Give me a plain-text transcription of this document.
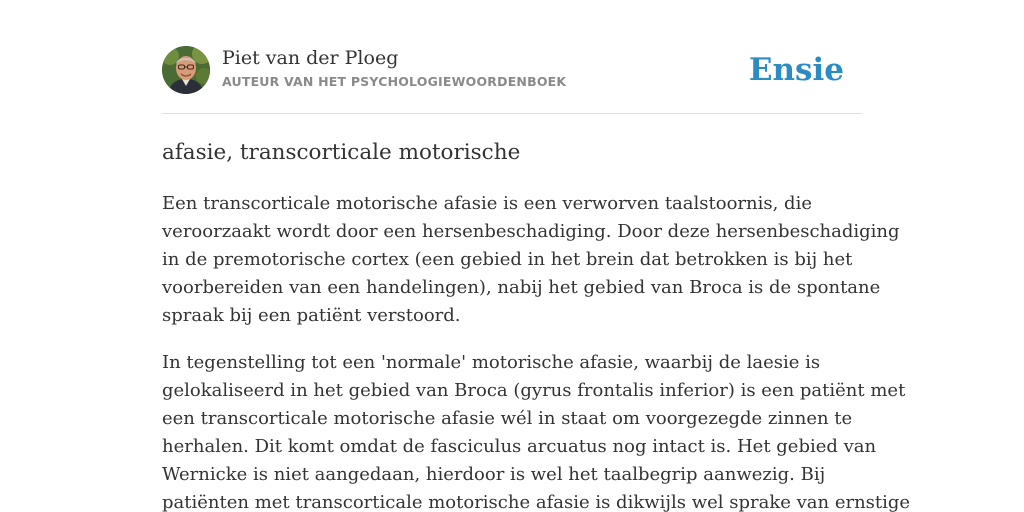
Piet van der Ploeg
AUTEUR VAN HET PSYCHOLOGIEWOORDENBOEK	Ensie
afasie, transcorticale motorische

Een transcorticale motorische afasie is een verworven taalstoornis, die
veroorzaakt wordt door een hersenbeschadiging. Door deze hersenbeschadiging
in de premotorische cortex (een gebied in het brein dat betrokken is bij het
voorbereiden van een handelingen), nabij het gebied van Broca is de spontane
spraak bij een patiënt verstoord.

In tegenstelling tot een 'normale' motorische afasie, waarbij de laesie is
gelokaliseerd in het gebied van Broca (gyrus frontalis inferior) is een patiënt met
een transcorticale motorische afasie wél in staat om voorgezegde zinnen te
herhalen. Dit komt omdat de fasciculus arcuatus nog intact is. Het gebied van
Wernicke is niet aangedaan, hierdoor is wel het taalbegrip aanwezig. Bij
patiënten met transcorticale motorische afasie is dikwijls wel sprake van ernstige
